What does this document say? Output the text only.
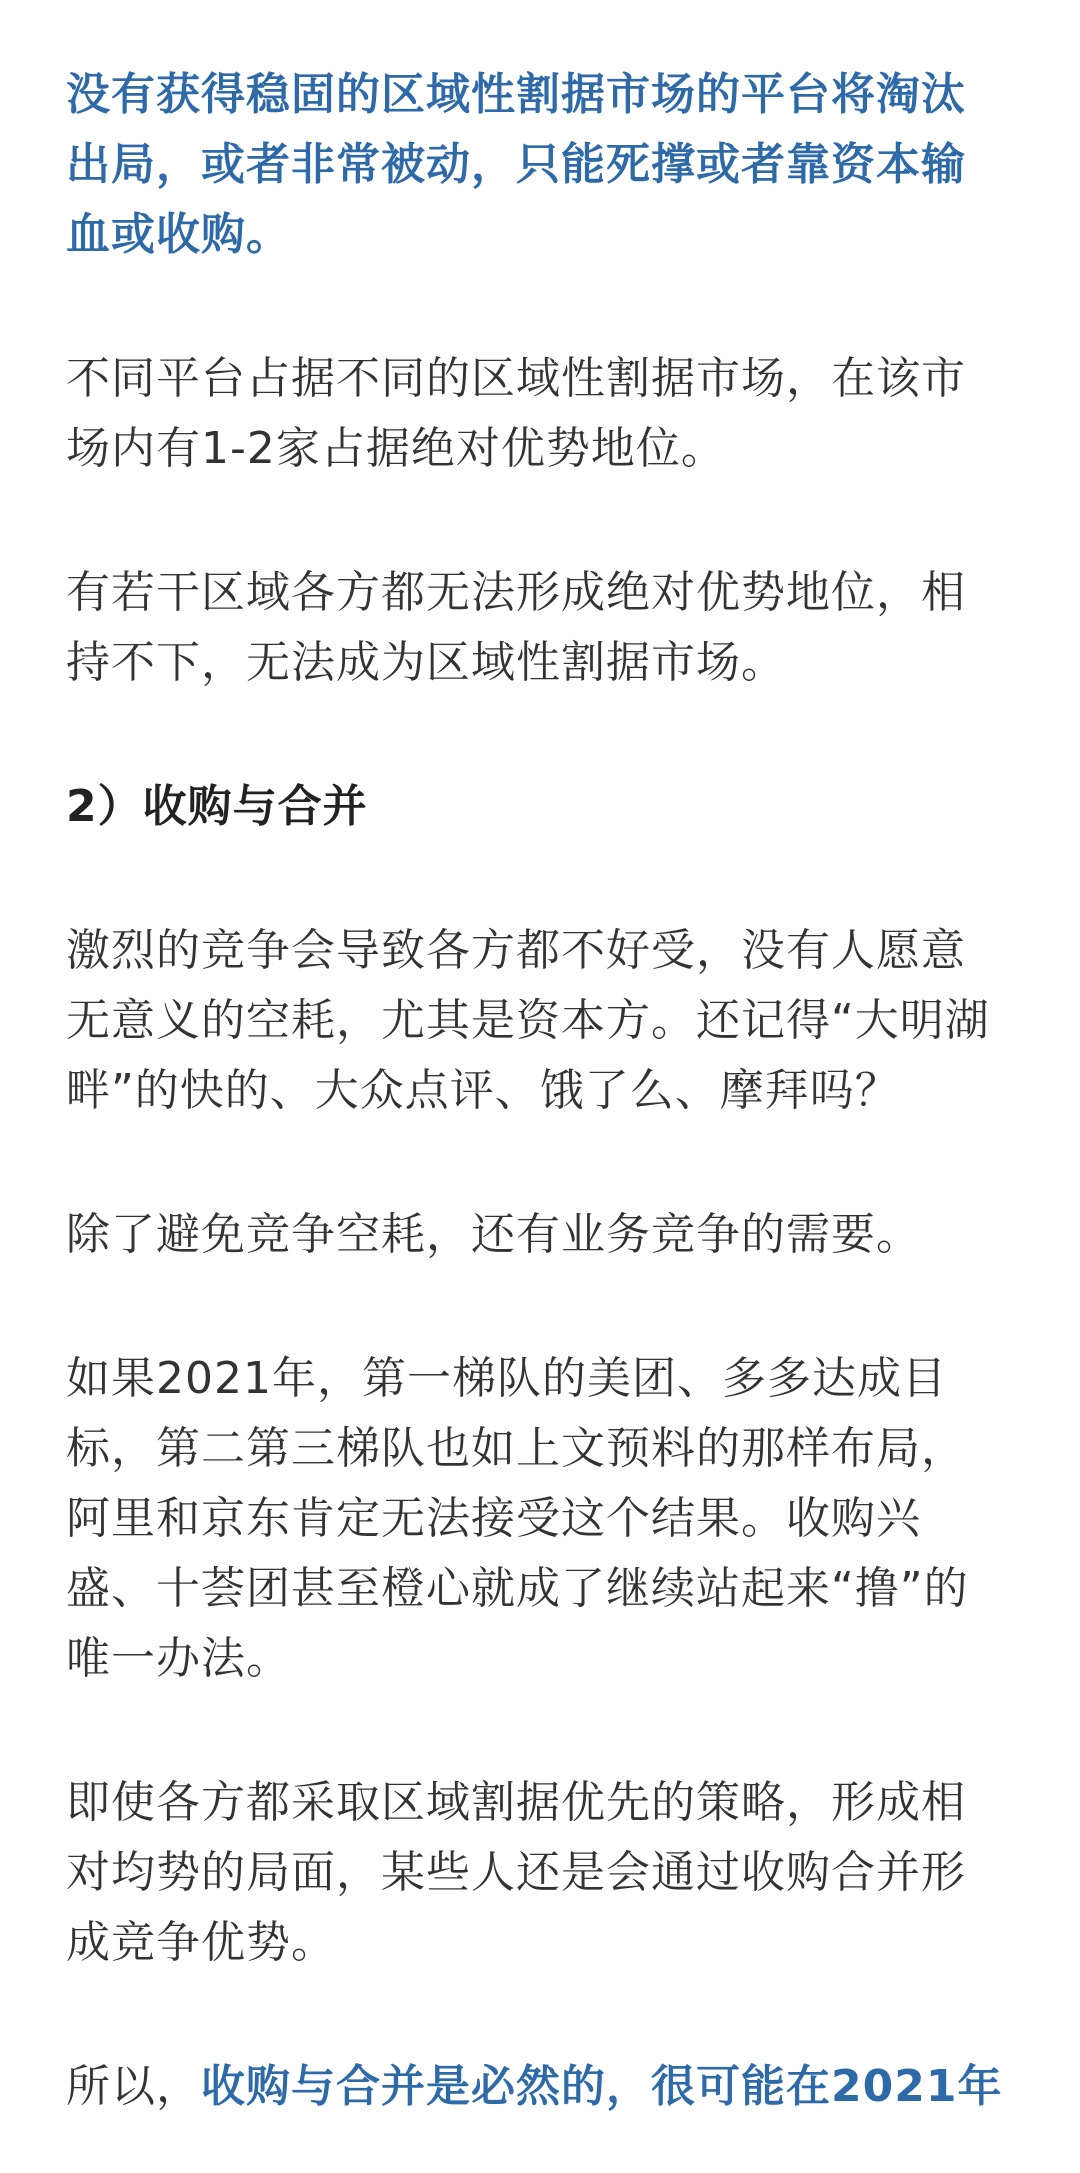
没有获得稳固的区域性割据市场的平台将淘汰
出局，或者非常被动，只能死撑或者靠资本输
血或收购。

不同平台占据不同的区域性割据市场，在该市
场内有1-2家占据绝对优势地位。

有若干区域各方都无法形成绝对优势地位，相
持不下，无法成为区域性割据市场。

2）收购与合并

激烈的竞争会导致各方都不好受，没有人愿意
无意义的空耗，尤其是资本方。还记得“大明湖
畔”的快的、大众点评、饿了么、摩拜吗？

除了避免竞争空耗，还有业务竞争的需要。

如果2021年，第一梯队的美团、多多达成目
标，第二第三梯队也如上文预料的那样布局，
阿里和京东肯定无法接受这个结果。收购兴
盛、十荟团甚至橙心就成了继续站起来“撸”的
唯一办法。

即使各方都采取区域割据优先的策略，形成相
对均势的局面，某些人还是会通过收购合并形
成竞争优势。

所以，收购与合并是必然的，很可能在2021年
